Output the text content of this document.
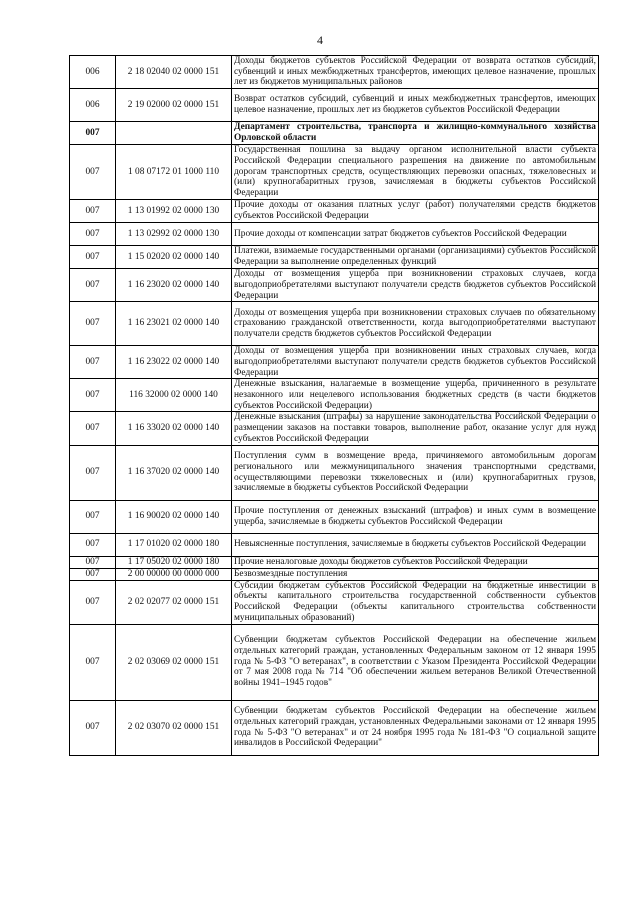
4
006	2 18 02040 02 0000 151	Доходы бюджетов субъектов Российской Федерации от возврата остатков субсидий, субвенций и иных межбюджетных трансфертов, имеющих целевое назначение, прошлых лет из бюджетов муниципальных районов
006	2 19 02000 02 0000 151	Возврат остатков субсидий, субвенций и иных межбюджетных трансфертов, имеющих целевое назначение, прошлых лет из бюджетов субъектов Российской Федерации
007		Департамент строительства, транспорта и жилищно-коммунального хозяйства Орловской области
007	1 08 07172 01 1000 110	Государственная пошлина за выдачу органом исполнительной власти субъекта Российской Федерации специального разрешения на движение по автомобильным дорогам транспортных средств, осуществляющих перевозки опасных, тяжеловесных и (или) крупногабаритных грузов, зачисляемая в бюджеты субъектов Российской Федерации
007	1 13 01992 02 0000 130	Прочие доходы от оказания платных услуг (работ) получателями средств бюджетов субъектов Российской Федерации
007	1 13 02992 02 0000 130	Прочие доходы от компенсации затрат бюджетов субъектов Российской Федерации
007	1 15 02020 02 0000 140	Платежи, взимаемые государственными органами (организациями) субъектов Российской Федерации за выполнение определенных функций
007	1 16 23020 02 0000 140	Доходы от возмещения ущерба при возникновении страховых случаев, когда выгодоприобретателями выступают получатели средств бюджетов субъектов Российской Федерации
007	1 16 23021 02 0000 140	Доходы от возмещения ущерба при возникновении страховых случаев по обязательному страхованию гражданской ответственности, когда выгодоприобретателями выступают получатели средств бюджетов субъектов Российской Федерации
007	1 16 23022 02 0000 140	Доходы от возмещения ущерба при возникновении иных страховых случаев, когда выгодоприобретателями выступают получатели средств бюджетов субъектов Российской Федерации
007	116 32000 02 0000 140	Денежные взыскания, налагаемые в возмещение ущерба, причиненного в результате незаконного или нецелевого использования бюджетных средств (в части бюджетов субъектов Российской Федерации)
007	1 16 33020 02 0000 140	Денежные взыскания (штрафы) за нарушение законодательства Российской Федерации о размещении заказов на поставки товаров, выполнение работ, оказание услуг для нужд субъектов Российской Федерации
007	1 16 37020 02 0000 140	Поступления сумм в возмещение вреда, причиняемого автомобильным дорогам регионального или межмуниципального значения транспортными средствами, осуществляющими перевозки тяжеловесных и (или) крупногабаритных грузов, зачисляемые в бюджеты субъектов Российской Федерации
007	1 16 90020 02 0000 140	Прочие поступления от денежных взысканий (штрафов) и иных сумм в возмещение ущерба, зачисляемые в бюджеты субъектов Российской Федерации
007	1 17 01020 02 0000 180	Невыясненные поступления, зачисляемые в бюджеты субъектов Российской Федерации
007	1 17 05020 02 0000 180	Прочие неналоговые доходы бюджетов субъектов Российской Федерации
007	2 00 00000 00 0000 000	Безвозмездные поступления
007	2 02 02077 02 0000 151	Субсидии бюджетам субъектов Российской Федерации на бюджетные инвестиции в объекты капитального строительства государственной собственности субъектов Российской Федерации (объекты капитального строительства собственности муниципальных образований)
007	2 02 03069 02 0000 151	Субвенции бюджетам субъектов Российской Федерации на обеспечение жильем отдельных категорий граждан, установленных Федеральным законом от 12 января 1995 года № 5-ФЗ "О ветеранах", в соответствии с Указом Президента Российской Федерации от 7 мая 2008 года № 714 "Об обеспечении жильем ветеранов Великой Отечественной войны 1941–1945 годов"
007	2 02 03070 02 0000 151	Субвенции бюджетам субъектов Российской Федерации на обеспечение жильем отдельных категорий граждан, установленных Федеральными законами от 12 января 1995 года № 5-ФЗ "О ветеранах" и от 24 ноября 1995 года № 181-ФЗ "О социальной защите инвалидов в Российской Федерации"
